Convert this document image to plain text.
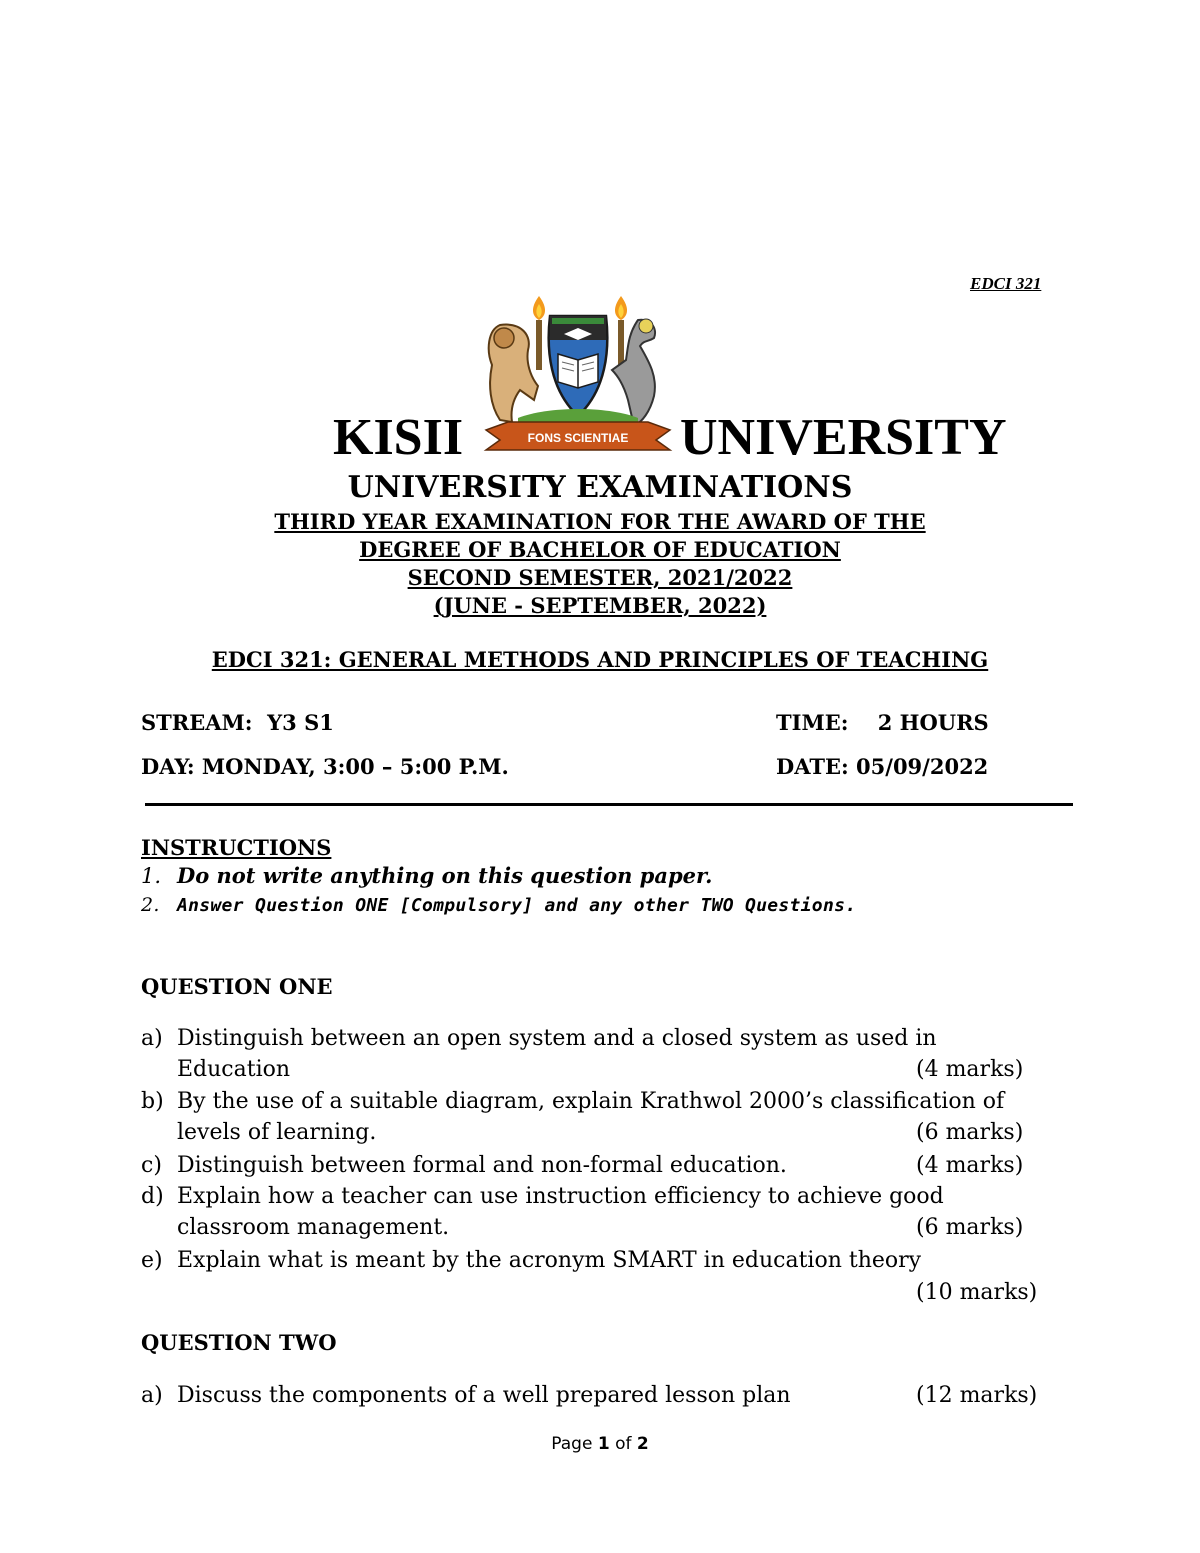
EDCI 321
FONS SCIENTIAE
KISII	UNIVERSITY
UNIVERSITY EXAMINATIONS
THIRD YEAR EXAMINATION FOR THE AWARD OF THE
DEGREE OF BACHELOR OF EDUCATION
SECOND SEMESTER, 2021/2022
(JUNE - SEPTEMBER, 2022)
EDCI 321: GENERAL METHODS AND PRINCIPLES OF TEACHING
STREAM:  Y3 S1	TIME:    2 HOURS
DAY: MONDAY, 3:00 – 5:00 P.M.	DATE: 05/09/2022
INSTRUCTIONS
1. Do not write anything on this question paper.
2. Answer Question ONE [Compulsory] and any other TWO Questions.
QUESTION ONE
a) Distinguish between an open system and a closed system as used in
Education	(4 marks)
b) By the use of a suitable diagram, explain Krathwol 2000’s classification of
levels of learning.	(6 marks)
c) Distinguish between formal and non-formal education.	(4 marks)
d) Explain how a teacher can use instruction efficiency to achieve good
classroom management.	(6 marks)
e) Explain what is meant by the acronym SMART in education theory
(10 marks)
QUESTION TWO
a) Discuss the components of a well prepared lesson plan	(12 marks)
Page 1 of 2
